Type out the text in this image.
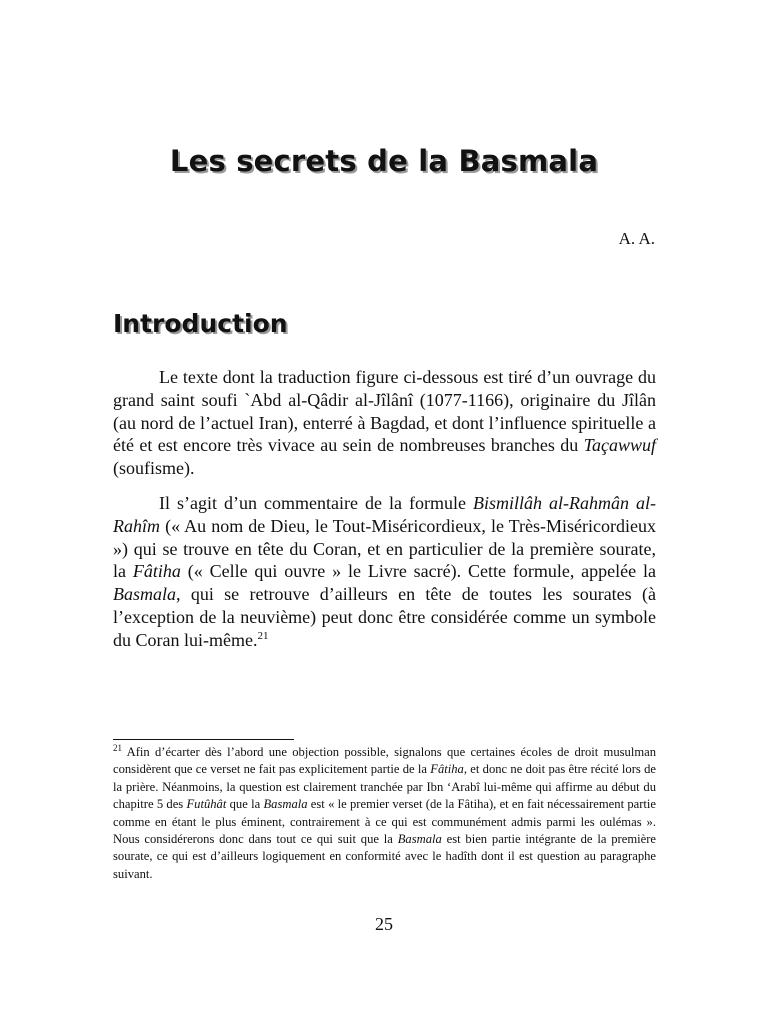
Les secrets de la Basmala
A. A.
Introduction

Le texte dont la traduction figure ci-dessous est tiré d’un ouvrage du grand saint soufi `Abd al-Qâdir al-Jîlânî (1077-1166), originaire du Jîlân (au nord de l’actuel Iran), enterré à Bagdad, et dont l’influence spirituelle a été et est encore très vivace au sein de nombreuses branches du Taçawwuf (soufisme).

Il s’agit d’un commentaire de la formule Bismillâh al-Rahmân al-Rahîm (« Au nom de Dieu, le Tout-Miséricordieux, le Très-Miséricordieux ») qui se trouve en tête du Coran, et en particulier de la première sourate, la Fâtiha (« Celle qui ouvre » le Livre sacré). Cette formule, appelée la Basmala, qui se retrouve d’ailleurs en tête de toutes les sourates (à l’exception de la neuvième) peut donc être considérée comme un symbole du Coran lui-même.$^{21}$

$^{21}$ Afin d’écarter dès l’abord une objection possible, signalons que certaines écoles de droit musulman considèrent que ce verset ne fait pas explicitement partie de la Fâtiha, et donc ne doit pas être récité lors de la prière. Néanmoins, la question est clairement tranchée par Ibn ‘Arabî lui-même qui affirme au début du chapitre 5 des Futûhât que la Basmala est « le premier verset (de la Fâtiha), et en fait nécessairement partie comme en étant le plus éminent, contrairement à ce qui est communément admis parmi les oulémas ». Nous considérerons donc dans tout ce qui suit que la Basmala est bien partie intégrante de la première sourate, ce qui est d’ailleurs logiquement en conformité avec le hadîth dont il est question au paragraphe suivant.

25
